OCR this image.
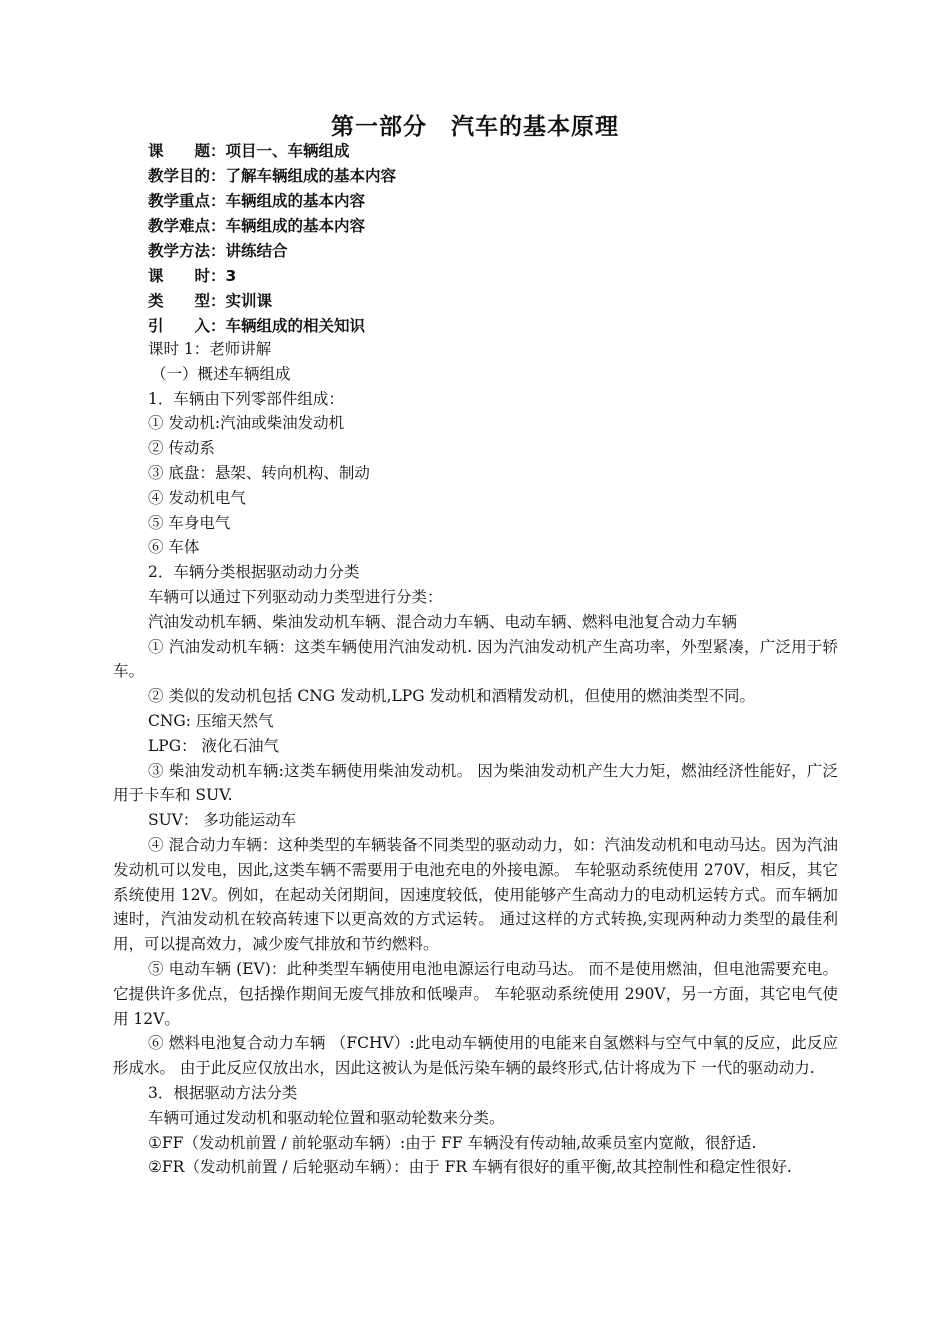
第一部分　汽车的基本原理
课　　题：项目一、车辆组成
教学目的：了解车辆组成的基本内容
教学重点：车辆组成的基本内容
教学难点：车辆组成的基本内容
教学方法：讲练结合
课　　时：3
类　　型：实训课
引　　入：车辆组成的相关知识

课时 1：老师讲解

（一）概述车辆组成

1．车辆由下列零部件组成：

① 发动机:汽油或柴油发动机

② 传动系

③ 底盘：悬架、转向机构、制动

④ 发动机电气

⑤ 车身电气

⑥ 车体

2．车辆分类根据驱动动力分类

车辆可以通过下列驱动动力类型进行分类：

汽油发动机车辆、柴油发动机车辆、混合动力车辆、电动车辆、燃料电池复合动力车辆

① 汽油发动机车辆：这类车辆使用汽油发动机. 因为汽油发动机产生高功率，外型紧凑，广泛用于轿车。

② 类似的发动机包括 CNG 发动机,LPG 发动机和酒精发动机，但使用的燃油类型不同。

CNG: 压缩天然气

LPG： 液化石油气

③ 柴油发动机车辆:这类车辆使用柴油发动机。 因为柴油发动机产生大力矩，燃油经济性能好，广泛用于卡车和 SUV.

SUV： 多功能运动车

④ 混合动力车辆：这种类型的车辆装备不同类型的驱动动力，如：汽油发动机和电动马达。因为汽油发动机可以发电，因此,这类车辆不需要用于电池充电的外接电源。 车轮驱动系统使用 270V，相反，其它系统使用 12V。例如，在起动关闭期间，因速度较低，使用能够产生高动力的电动机运转方式。而车辆加速时，汽油发动机在较高转速下以更高效的方式运转。 通过这样的方式转换,实现两种动力类型的最佳利用，可以提高效力，减少废气排放和节约燃料。

⑤ 电动车辆 (EV)：此种类型车辆使用电池电源运行电动马达。 而不是使用燃油，但电池需要充电。 它提供许多优点，包括操作期间无废气排放和低噪声。 车轮驱动系统使用 290V，另一方面，其它电气使用 12V。

⑥ 燃料电池复合动力车辆 （FCHV）:此电动车辆使用的电能来自氢燃料与空气中氧的反应，此反应形成水。 由于此反应仅放出水，因此这被认为是低污染车辆的最终形式,估计将成为下 一代的驱动动力.

3．根据驱动方法分类

车辆可通过发动机和驱动轮位置和驱动轮数来分类。

①FF（发动机前置 / 前轮驱动车辆）:由于 FF 车辆没有传动轴,故乘员室内宽敞，很舒适.

②FR（发动机前置 / 后轮驱动车辆）：由于 FR 车辆有很好的重平衡,故其控制性和稳定性很好.
